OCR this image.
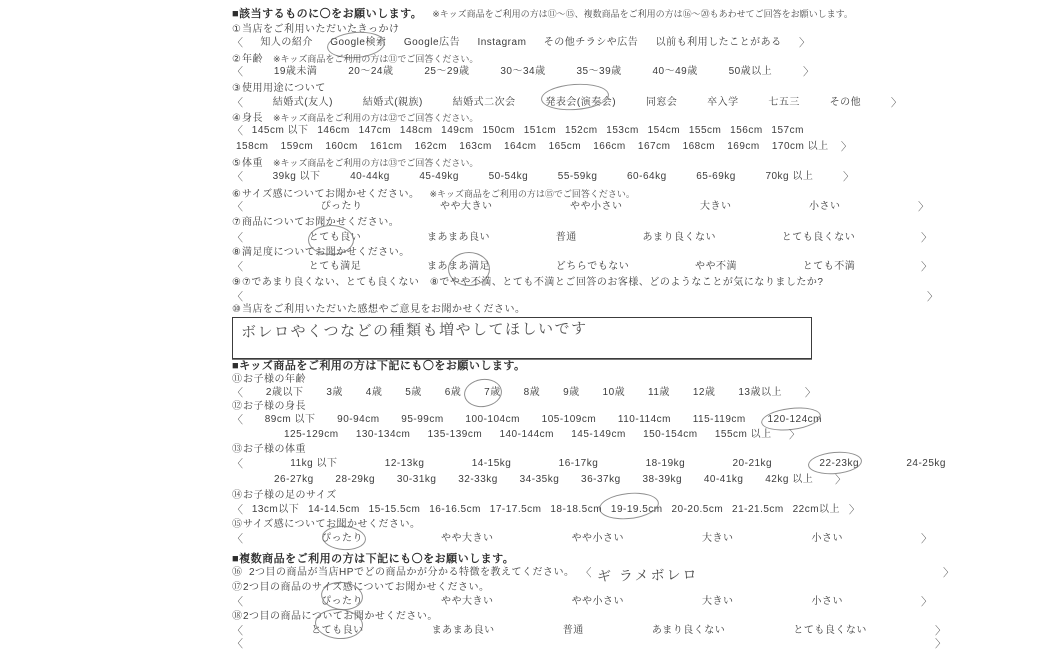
■該当するものに〇をお願いします。 ※キッズ商品をご利用の方は⑪〜⑮、複数商品をご利用の方は⑯〜⑳もあわせてご回答をお願いします。
①当店をご利用いただいたきっかけ
〈 知人の紹介 Google検索 Google広告 Instagram その他チラシや広告 以前も利用したことがある 〉
②年齢 ※キッズ商品をご利用の方は⑪でご回答ください。
〈	19歳未満	20〜24歳	25〜29歳	30〜34歳	35〜39歳	40〜49歳	50歳以上	〉
③使用用途について
〈	結婚式(友人)	結婚式(親族)	結婚式二次会	発表会(演奏会)	同窓会	卒入学	七五三	その他	〉
④身長 ※キッズ商品をご利用の方は⑫でご回答ください。
〈 145cm 以下 146cm 147cm 148cm 149cm 150cm 151cm 152cm 153cm 154cm 155cm 156cm 157cm
158cm 159cm 160cm 161cm 162cm 163cm 164cm 165cm 166cm 167cm 168cm 169cm 170cm 以上 〉
⑤体重 ※キッズ商品をご利用の方は⑬でご回答ください。
〈	39kg 以下	40-44kg	45-49kg	50-54kg	55-59kg	60-64kg	65-69kg	70kg 以上	〉
⑥サイズ感についてお聞かせください。 ※キッズ商品をご利用の方は⑮でご回答ください。
〈	ぴったり	やや大きい	やや小さい	大きい	小さい	〉
⑦商品についてお聞かせください。
〈	とても良い	まあまあ良い	普通	あまり良くない	とても良くない	〉
⑧満足度についてお聞かせください。
〈	とても満足	まあまあ満足	どちらでもない	やや不満	とても不満	〉
⑨⑦であまり良くない、とても良くない　⑧でやや不満、とても不満とご回答のお客様、どのようなことが気になりましたか?
〈	〉
⑩当店をご利用いただいた感想やご意見をお聞かせください。
ボレロやくつなどの種類も増やしてほしいです
■キッズ商品をご利用の方は下記にも〇をお願いします。
⑪お子様の年齢
〈 2歳以下 3歳 4歳 5歳 6歳 7歳 8歳 9歳 10歳 11歳 12歳 13歳以上 〉
⑫お子様の身長
〈 89cm 以下 90-94cm 95-99cm 100-104cm 105-109cm 110-114cm 115-119cm 120-124cm
125-129cm 130-134cm 135-139cm 140-144cm 145-149cm 150-154cm 155cm 以上 〉
⑬お子様の体重
〈	11kg 以下	12-13kg	14-15kg	16-17kg	18-19kg	20-21kg	22-23kg	24-25kg
26-27kg 28-29kg 30-31kg 32-33kg 34-35kg 36-37kg 38-39kg 40-41kg 42kg 以上 〉
⑭お子様の足のサイズ
〈 13cm以下 14-14.5cm 15-15.5cm 16-16.5cm 17-17.5cm 18-18.5cm 19-19.5cm 20-20.5cm 21-21.5cm 22cm以上 〉
⑮サイズ感についてお聞かせください。
〈	ぴったり	やや大きい	やや小さい	大きい	小さい	〉
■複数商品をご利用の方は下記にも〇をお願いします。
⑯ 2つ目の商品が当店HPでどの商品かが分かる特徴を教えてください。 〈 ギ ラメボレロ	〉
⑰2つ目の商品のサイズ感についてお聞かせください。
〈	ぴったり	やや大きい	やや小さい	大きい	小さい	〉
⑱2つ目の商品についてお聞かせください。
〈	とても良い	まあまあ良い	普通	あまり良くない	とても良くない	〉
〈	〉
